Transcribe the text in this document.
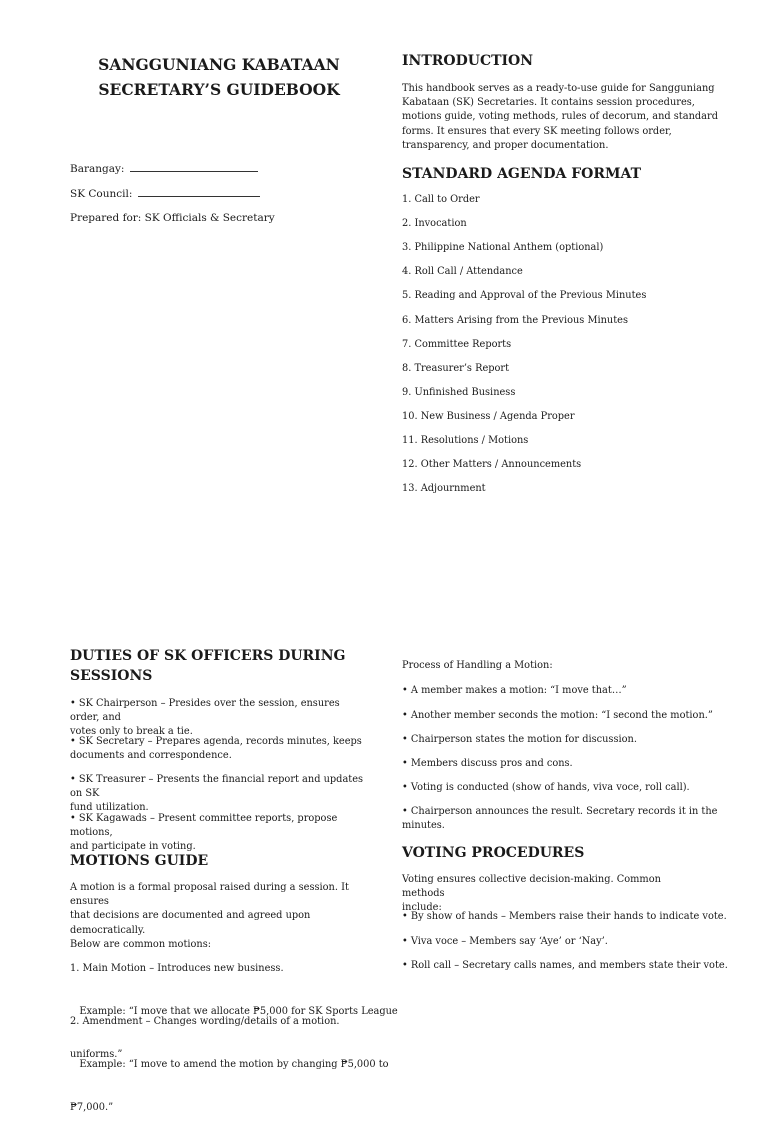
SANGGUNIANG KABATAAN
SECRETARY’S GUIDEBOOK
Barangay:
SK Council:
Prepared for: SK Officials & Secretary
INTRODUCTION
This handbook serves as a ready-to-use guide for Sangguniang
Kabataan (SK) Secretaries. It contains session procedures,
motions guide, voting methods, rules of decorum, and standard
forms. It ensures that every SK meeting follows order,
transparency, and proper documentation.
STANDARD AGENDA FORMAT
DUTIES OF SK OFFICERS DURING
SESSIONS
MOTIONS GUIDE
A motion is a formal proposal raised during a session. It ensures
that decisions are documented and agreed upon democratically.
Below are common motions:

1. Main Motion – Introduces new business.

Example: “I move that we allocate ₱5,000 for SK Sports League

uniforms.”

2. Amendment – Changes wording/details of a motion.

Example: “I move to amend the motion by changing ₱5,000 to

₱7,000.”

Process of Handling a Motion:
VOTING PROCEDURES
Voting ensures collective decision-making. Common methods
include:
1. Call to Order
2. Invocation
3. Philippine National Anthem (optional)
4. Roll Call / Attendance
5. Reading and Approval of the Previous Minutes
6. Matters Arising from the Previous Minutes
7. Committee Reports
8. Treasurer’s Report
9. Unfinished Business
10. New Business / Agenda Proper
11. Resolutions / Motions
12. Other Matters / Announcements
13. Adjournment
• SK Chairperson – Presides over the session, ensures order, and
votes only to break a tie.
• SK Secretary – Prepares agenda, records minutes, keeps
documents and correspondence.
• SK Treasurer – Presents the financial report and updates on SK
fund utilization.
• SK Kagawads – Present committee reports, propose motions,
and participate in voting.
• A member makes a motion: “I move that…”
• Another member seconds the motion: “I second the motion.”
• Chairperson states the motion for discussion.
• Members discuss pros and cons.
• Voting is conducted (show of hands, viva voce, roll call).
• Chairperson announces the result. Secretary records it in the
minutes.
• By show of hands – Members raise their hands to indicate vote.
• Viva voce – Members say ‘Aye’ or ‘Nay’.
• Roll call – Secretary calls names, and members state their vote.
